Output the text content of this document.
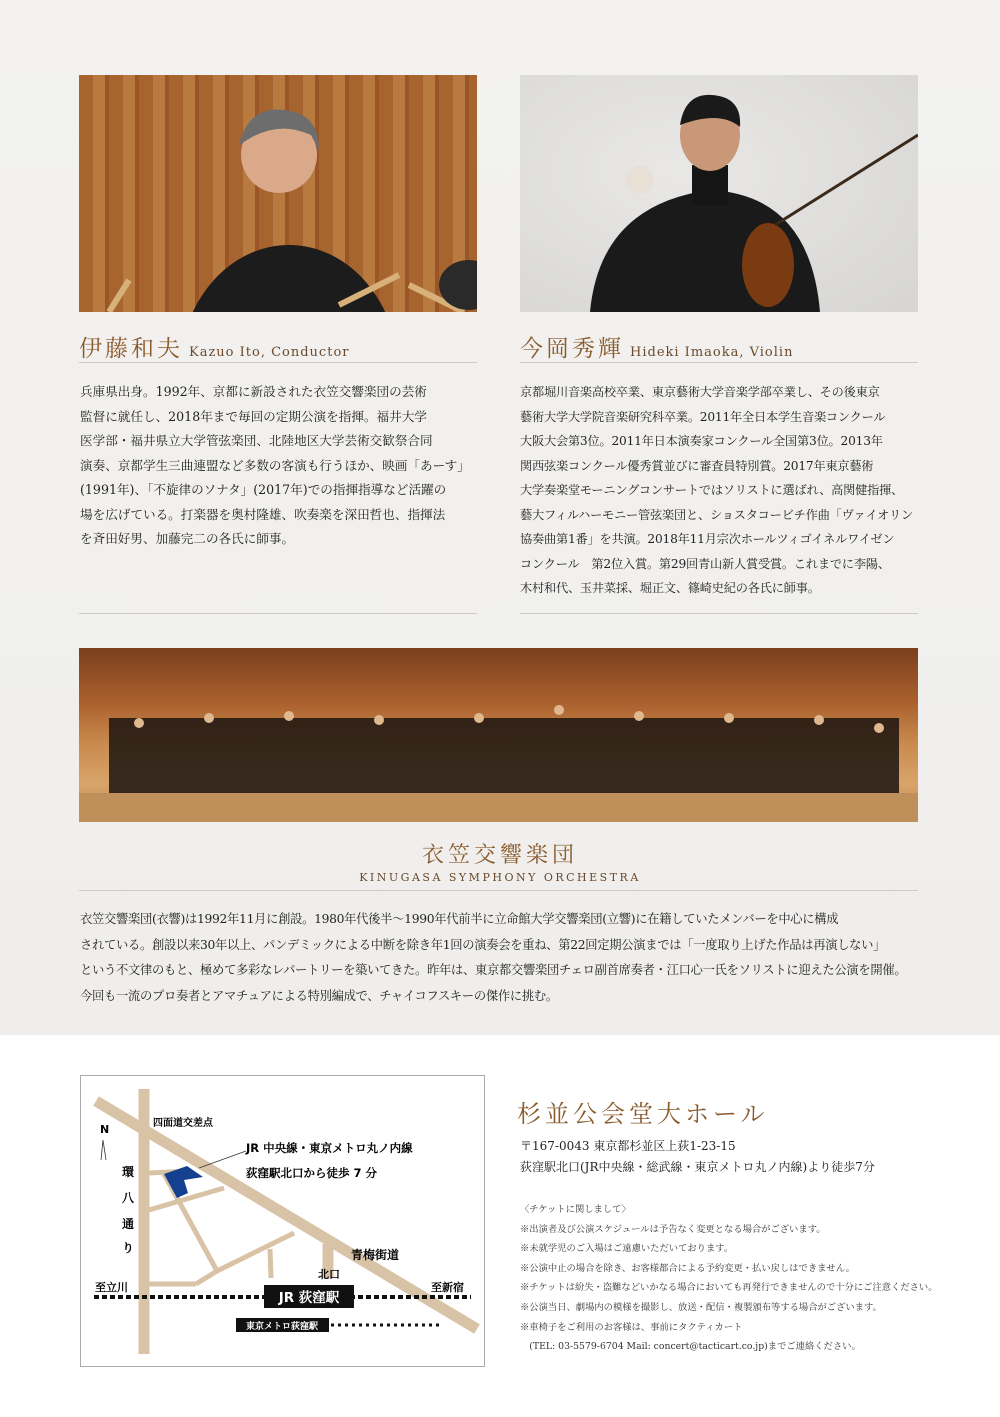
伊藤和夫 Kazuo Ito, Conductor	今岡秀輝 Hideki Imaoka, Violin
兵庫県出身。1992年、京都に新設された衣笠交響楽団の芸術
監督に就任し、2018年まで毎回の定期公演を指揮。福井大学
医学部・福井県立大学管弦楽団、北陸地区大学芸術交歓祭合同
演奏、京都学生三曲連盟など多数の客演も行うほか、映画「あーす」
(1991年)、「不旋律のソナタ」(2017年)での指揮指導など活躍の
場を広げている。打楽器を奥村隆雄、吹奏楽を深田哲也、指揮法
を斉田好男、加藤完二の各氏に師事。
京都堀川音楽高校卒業、東京藝術大学音楽学部卒業し、その後東京
藝術大学大学院音楽研究科卒業。2011年全日本学生音楽コンクール
大阪大会第3位。2011年日本演奏家コンクール全国第3位。2013年
関西弦楽コンクール優秀賞並びに審査員特別賞。2017年東京藝術
大学奏楽堂モーニングコンサートではソリストに選ばれ、高関健指揮、
藝大フィルハーモニー管弦楽団と、ショスタコービチ作曲「ヴァイオリン
協奏曲第1番」を共演。2018年11月宗次ホールツィゴイネルワイゼン
コンクール　第2位入賞。第29回青山新人賞受賞。これまでに李陽、
木村和代、玉井菜採、堀正文、篠崎史紀の各氏に師事。
衣笠交響楽団
KINUGASA SYMPHONY ORCHESTRA
衣笠交響楽団(衣響)は1992年11月に創設。1980年代後半～1990年代前半に立命館大学交響楽団(立響)に在籍していたメンバーを中心に構成
されている。創設以来30年以上、パンデミックによる中断を除き年1回の演奏会を重ね、第22回定期公演までは「一度取り上げた作品は再演しない」
という不文律のもと、極めて多彩なレパートリーを築いてきた。昨年は、東京都交響楽団チェロ副首席奏者・江口心一氏をソリストに迎えた公演を開催。
今回も一流のプロ奏者とアマチュアによる特別編成で、チャイコフスキーの傑作に挑む。
N	四面道交差点
JR 中央線・東京メトロ丸ノ内線
荻窪駅北口から徒歩 7 分
環
八
通
り	青梅街道
北口
至立川	至新宿
JR 荻窪駅
東京メトロ荻窪駅
杉並公会堂大ホール
〒167-0043 東京都杉並区上荻1-23-15
荻窪駅北口(JR中央線・総武線・東京メトロ丸ノ内線)より徒歩7分
〈チケットに関しまして〉
※出演者及び公演スケジュールは予告なく変更となる場合がございます。
※未就学児のご入場はご遠慮いただいております。
※公演中止の場合を除き、お客様都合による予約変更・払い戻しはできません。
※チケットは紛失・盗難などいかなる場合においても再発行できませんので十分にご注意ください。
※公演当日、劇場内の模様を撮影し、放送・配信・複製頒布等する場合がございます。
※車椅子をご利用のお客様は、事前にタクティカート
　(TEL: 03-5579-6704 Mail: concert@tacticart.co.jp)までご連絡ください。
